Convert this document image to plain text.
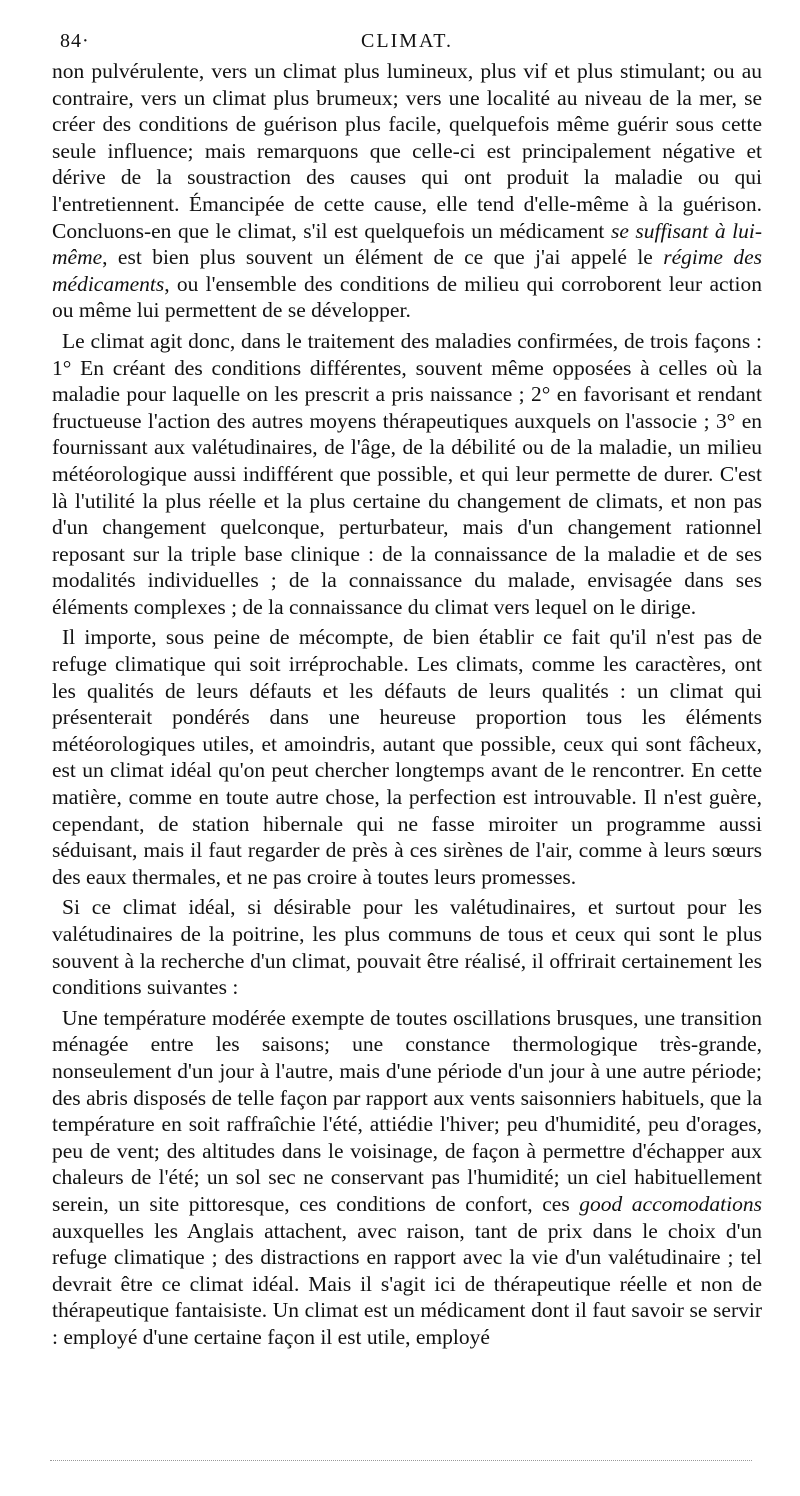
84·	CLIMAT.

non pulvérulente, vers un climat plus lumineux, plus vif et plus stimulant; ou au contraire, vers un climat plus brumeux; vers une localité au niveau de la mer, se créer des conditions de guérison plus facile, quelquefois même guérir sous cette seule influence; mais remarquons que celle-ci est principalement négative et dérive de la soustraction des causes qui ont produit la maladie ou qui l'entretiennent. Émancipée de cette cause, elle tend d'elle-même à la guérison. Concluons-en que le climat, s'il est quelquefois un médicament se suffisant à lui-même, est bien plus souvent un élément de ce que j'ai appelé le régime des médicaments, ou l'ensemble des conditions de milieu qui corroborent leur action ou même lui permettent de se développer.

Le climat agit donc, dans le traitement des maladies confirmées, de trois façons : 1° En créant des conditions différentes, souvent même opposées à celles où la maladie pour laquelle on les prescrit a pris naissance ; 2° en favorisant et rendant fructueuse l'action des autres moyens thérapeutiques auxquels on l'associe ; 3° en fournissant aux valétudinaires, de l'âge, de la débilité ou de la maladie, un milieu météorologique aussi indifférent que possible, et qui leur permette de durer. C'est là l'utilité la plus réelle et la plus certaine du changement de climats, et non pas d'un changement quelconque, perturbateur, mais d'un changement rationnel reposant sur la triple base clinique : de la connaissance de la maladie et de ses modalités individuelles ; de la connaissance du malade, envisagée dans ses éléments complexes ; de la connaissance du climat vers lequel on le dirige.

Il importe, sous peine de mécompte, de bien établir ce fait qu'il n'est pas de refuge climatique qui soit irréprochable. Les climats, comme les caractères, ont les qualités de leurs défauts et les défauts de leurs qualités : un climat qui présenterait pondérés dans une heureuse proportion tous les éléments météorologiques utiles, et amoindris, autant que possible, ceux qui sont fâcheux, est un climat idéal qu'on peut chercher longtemps avant de le rencontrer. En cette matière, comme en toute autre chose, la perfection est introuvable. Il n'est guère, cependant, de station hibernale qui ne fasse miroiter un programme aussi séduisant, mais il faut regarder de près à ces sirènes de l'air, comme à leurs sœurs des eaux thermales, et ne pas croire à toutes leurs promesses.

Si ce climat idéal, si désirable pour les valétudinaires, et surtout pour les valétudinaires de la poitrine, les plus communs de tous et ceux qui sont le plus souvent à la recherche d'un climat, pouvait être réalisé, il offrirait certainement les conditions suivantes :

Une température modérée exempte de toutes oscillations brusques, une transition ménagée entre les saisons; une constance thermologique très-grande, nonseulement d'un jour à l'autre, mais d'une période d'un jour à une autre période; des abris disposés de telle façon par rapport aux vents saisonniers habituels, que la température en soit raffraîchie l'été, attiédie l'hiver; peu d'humidité, peu d'orages, peu de vent; des altitudes dans le voisinage, de façon à permettre d'échapper aux chaleurs de l'été; un sol sec ne conservant pas l'humidité; un ciel habituellement serein, un site pittoresque, ces conditions de confort, ces good accomodations auxquelles les Anglais attachent, avec raison, tant de prix dans le choix d'un refuge climatique ; des distractions en rapport avec la vie d'un valétudinaire ; tel devrait être ce climat idéal. Mais il s'agit ici de thérapeutique réelle et non de thérapeutique fantaisiste. Un climat est un médicament dont il faut savoir se servir : employé d'une certaine façon il est utile, employé
